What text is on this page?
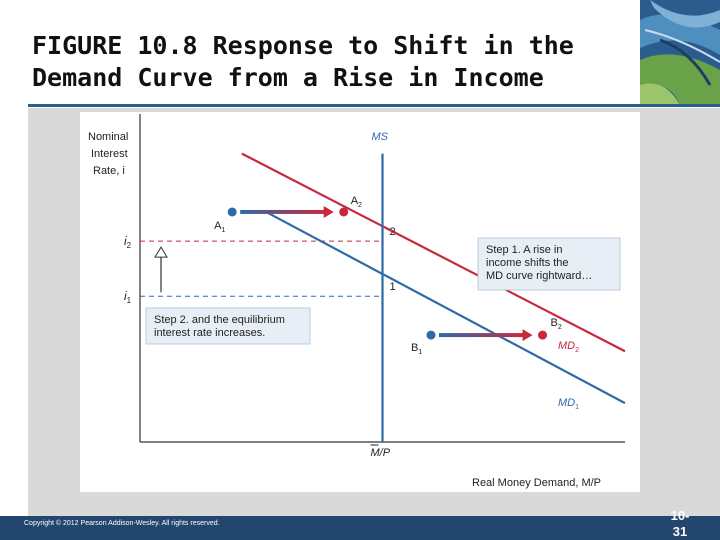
FIGURE 10.8 Response to Shift in the
Demand Curve from a Rise in Income
$i_2$
$i_1$
$MD_1$
$MD_2$
MS
M/P
1
2
$A_1$
$A_2$
$B_1$
$B_2$
Step 1. A rise in
income shifts the
MD curve rightward…
Step 2. and the equilibrium
interest rate increases.
Nominal
Interest
Rate, i
Real Money Demand, M/P
Copyright © 2012 Pearson Addison-Wesley. All rights reserved.
10-
31
